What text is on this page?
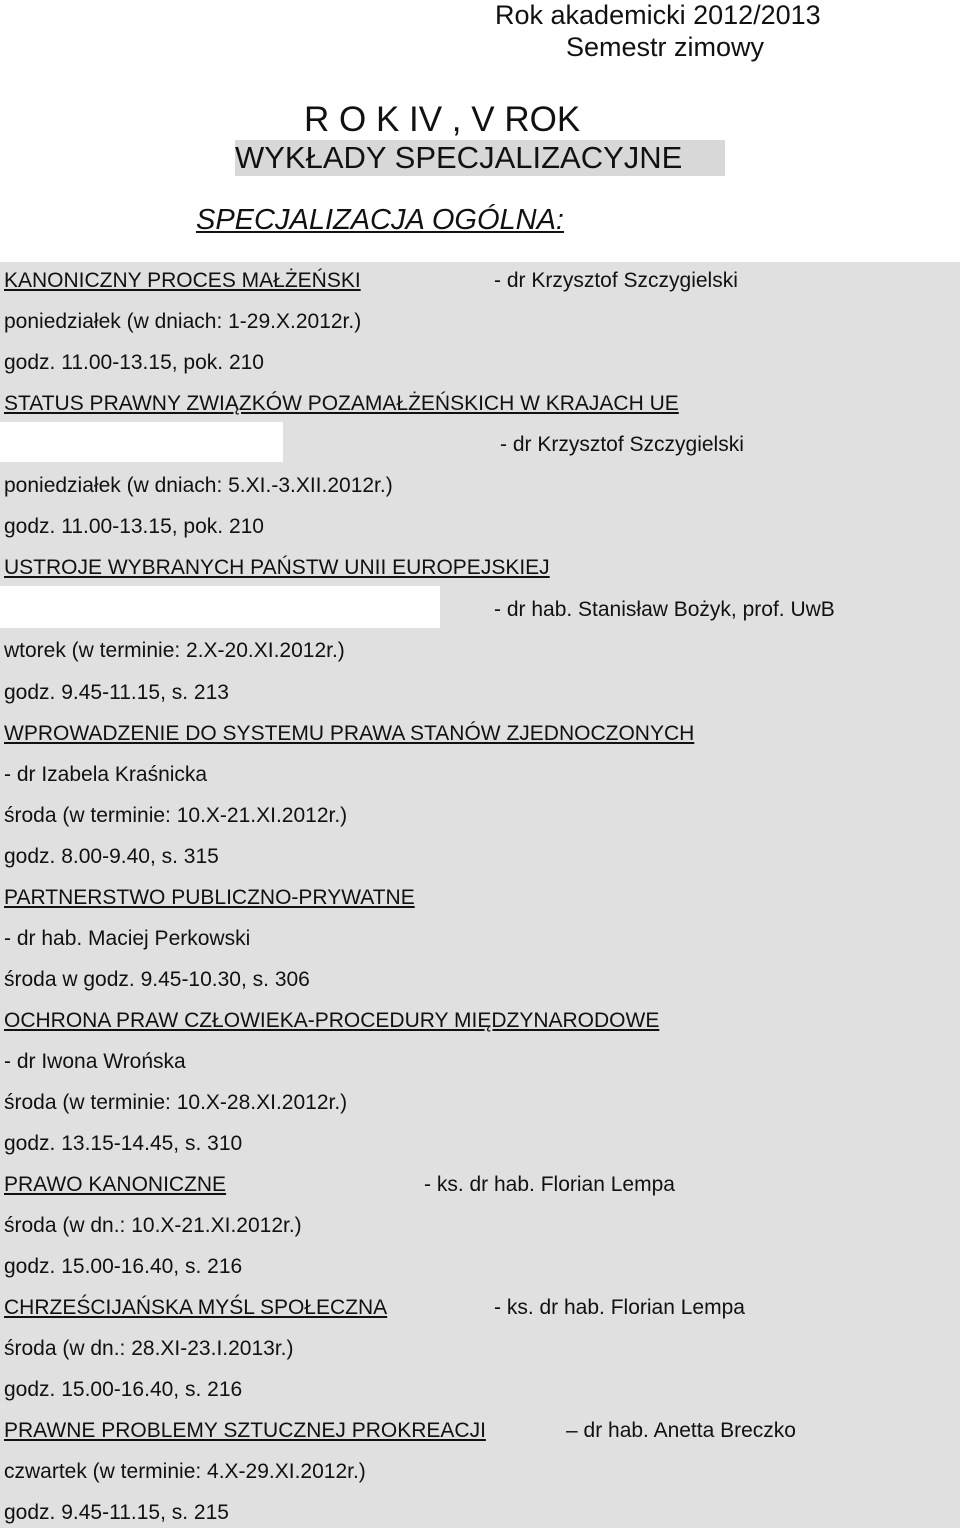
Rok akademicki 2012/2013
Semestr zimowy
R O K IV , V ROK
WYKŁADY SPECJALIZACYJNE
SPECJALIZACJA OGÓLNA:
KANONICZNY PROCES MAŁŻEŃSKI	- dr Krzysztof Szczygielski
poniedziałek (w dniach: 1-29.X.2012r.)
godz. 11.00-13.15, pok. 210
STATUS PRAWNY ZWIĄZKÓW POZAMAŁŻEŃSKICH W KRAJACH UE
- dr Krzysztof Szczygielski
poniedziałek (w dniach: 5.XI.-3.XII.2012r.)
godz. 11.00-13.15, pok. 210
USTROJE WYBRANYCH PAŃSTW UNII EUROPEJSKIEJ
- dr hab. Stanisław Bożyk, prof. UwB
wtorek (w terminie: 2.X-20.XI.2012r.)
godz. 9.45-11.15, s. 213
WPROWADZENIE DO SYSTEMU PRAWA STANÓW ZJEDNOCZONYCH
- dr Izabela Kraśnicka
środa (w terminie: 10.X-21.XI.2012r.)
godz. 8.00-9.40, s. 315
PARTNERSTWO PUBLICZNO-PRYWATNE
- dr hab. Maciej Perkowski
środa w godz. 9.45-10.30, s. 306
OCHRONA PRAW CZŁOWIEKA-PROCEDURY MIĘDZYNARODOWE
- dr Iwona Wrońska
środa (w terminie: 10.X-28.XI.2012r.)
godz. 13.15-14.45, s. 310
PRAWO KANONICZNE	- ks. dr hab. Florian Lempa
środa (w dn.: 10.X-21.XI.2012r.)
godz. 15.00-16.40, s. 216
CHRZEŚCIJAŃSKA MYŚL SPOŁECZNA	- ks. dr hab. Florian Lempa
środa (w dn.: 28.XI-23.I.2013r.)
godz. 15.00-16.40, s. 216
PRAWNE PROBLEMY SZTUCZNEJ PROKREACJI	– dr hab. Anetta Breczko
czwartek (w terminie: 4.X-29.XI.2012r.)
godz. 9.45-11.15, s. 215
